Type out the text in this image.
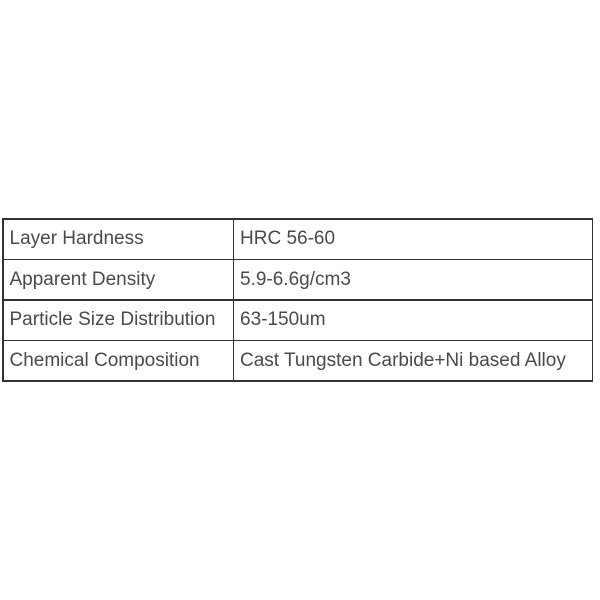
Layer Hardness	HRC 56-60
Apparent Density	5.9-6.6g/cm3
Particle Size Distribution	63-150um
Chemical Composition	Cast Tungsten Carbide+Ni based Alloy
